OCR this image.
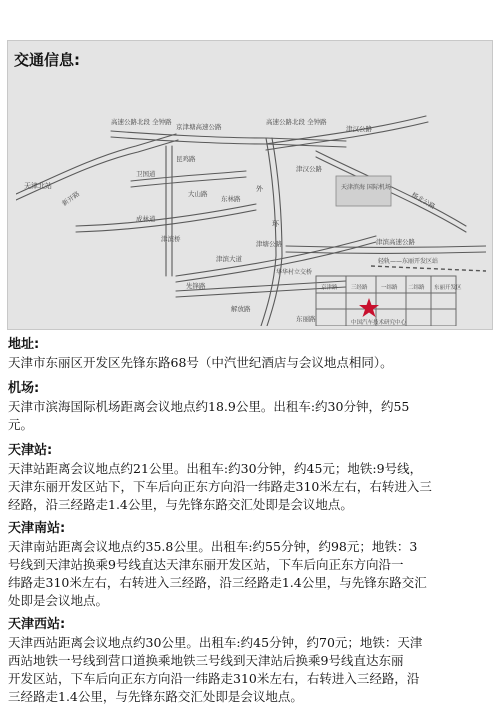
交通信息:
天津北站
新开路
高速公路北段 全钟路
京津塘高速公路
高速公路北段 全钟路
卫国道
昆鸡路
大山路
津汉公路
津汉公路
天津滨海 国际机场
成林道
东林路
津滨桥
外
环
津滨大道
津塘公路	津滨高速公路
杨北公路
先锋路
解放路
东丽路
华华村立交桥
轻轨——东丽开发区站
京津路 三经路 一纬路 二纬路 东丽开发区
中国汽车技术研究中心
地址:
天津市东丽区开发区先锋东路68号（中汽世纪酒店与会议地点相同）。
机场:
天津市滨海国际机场距离会议地点约18.9公里。出租车:约30分钟，约55
元。
天津站:
天津站距离会议地点约21公里。出租车:约30分钟，约45元；地铁:9号线，
天津东丽开发区站下，下车后向正东方向沿一纬路走310米左右，右转进入三
经路，沿三经路走1.4公里，与先锋东路交汇处即是会议地点。
天津南站:
天津南站距离会议地点约35.8公里。出租车:约55分钟，约98元；地铁：3
号线到天津站换乘9号线直达天津东丽开发区站，下车后向正东方向沿一
纬路走310米左右，右转进入三经路，沿三经路走1.4公里，与先锋东路交汇
处即是会议地点。
天津西站:
天津西站距离会议地点约30公里。出租车:约45分钟，约70元；地铁：天津
西站地铁一号线到营口道换乘地铁三号线到天津站后换乘9号线直达东丽
开发区站，下车后向正东方向沿一纬路走310米左右，右转进入三经路，沿
三经路走1.4公里，与先锋东路交汇处即是会议地点。
